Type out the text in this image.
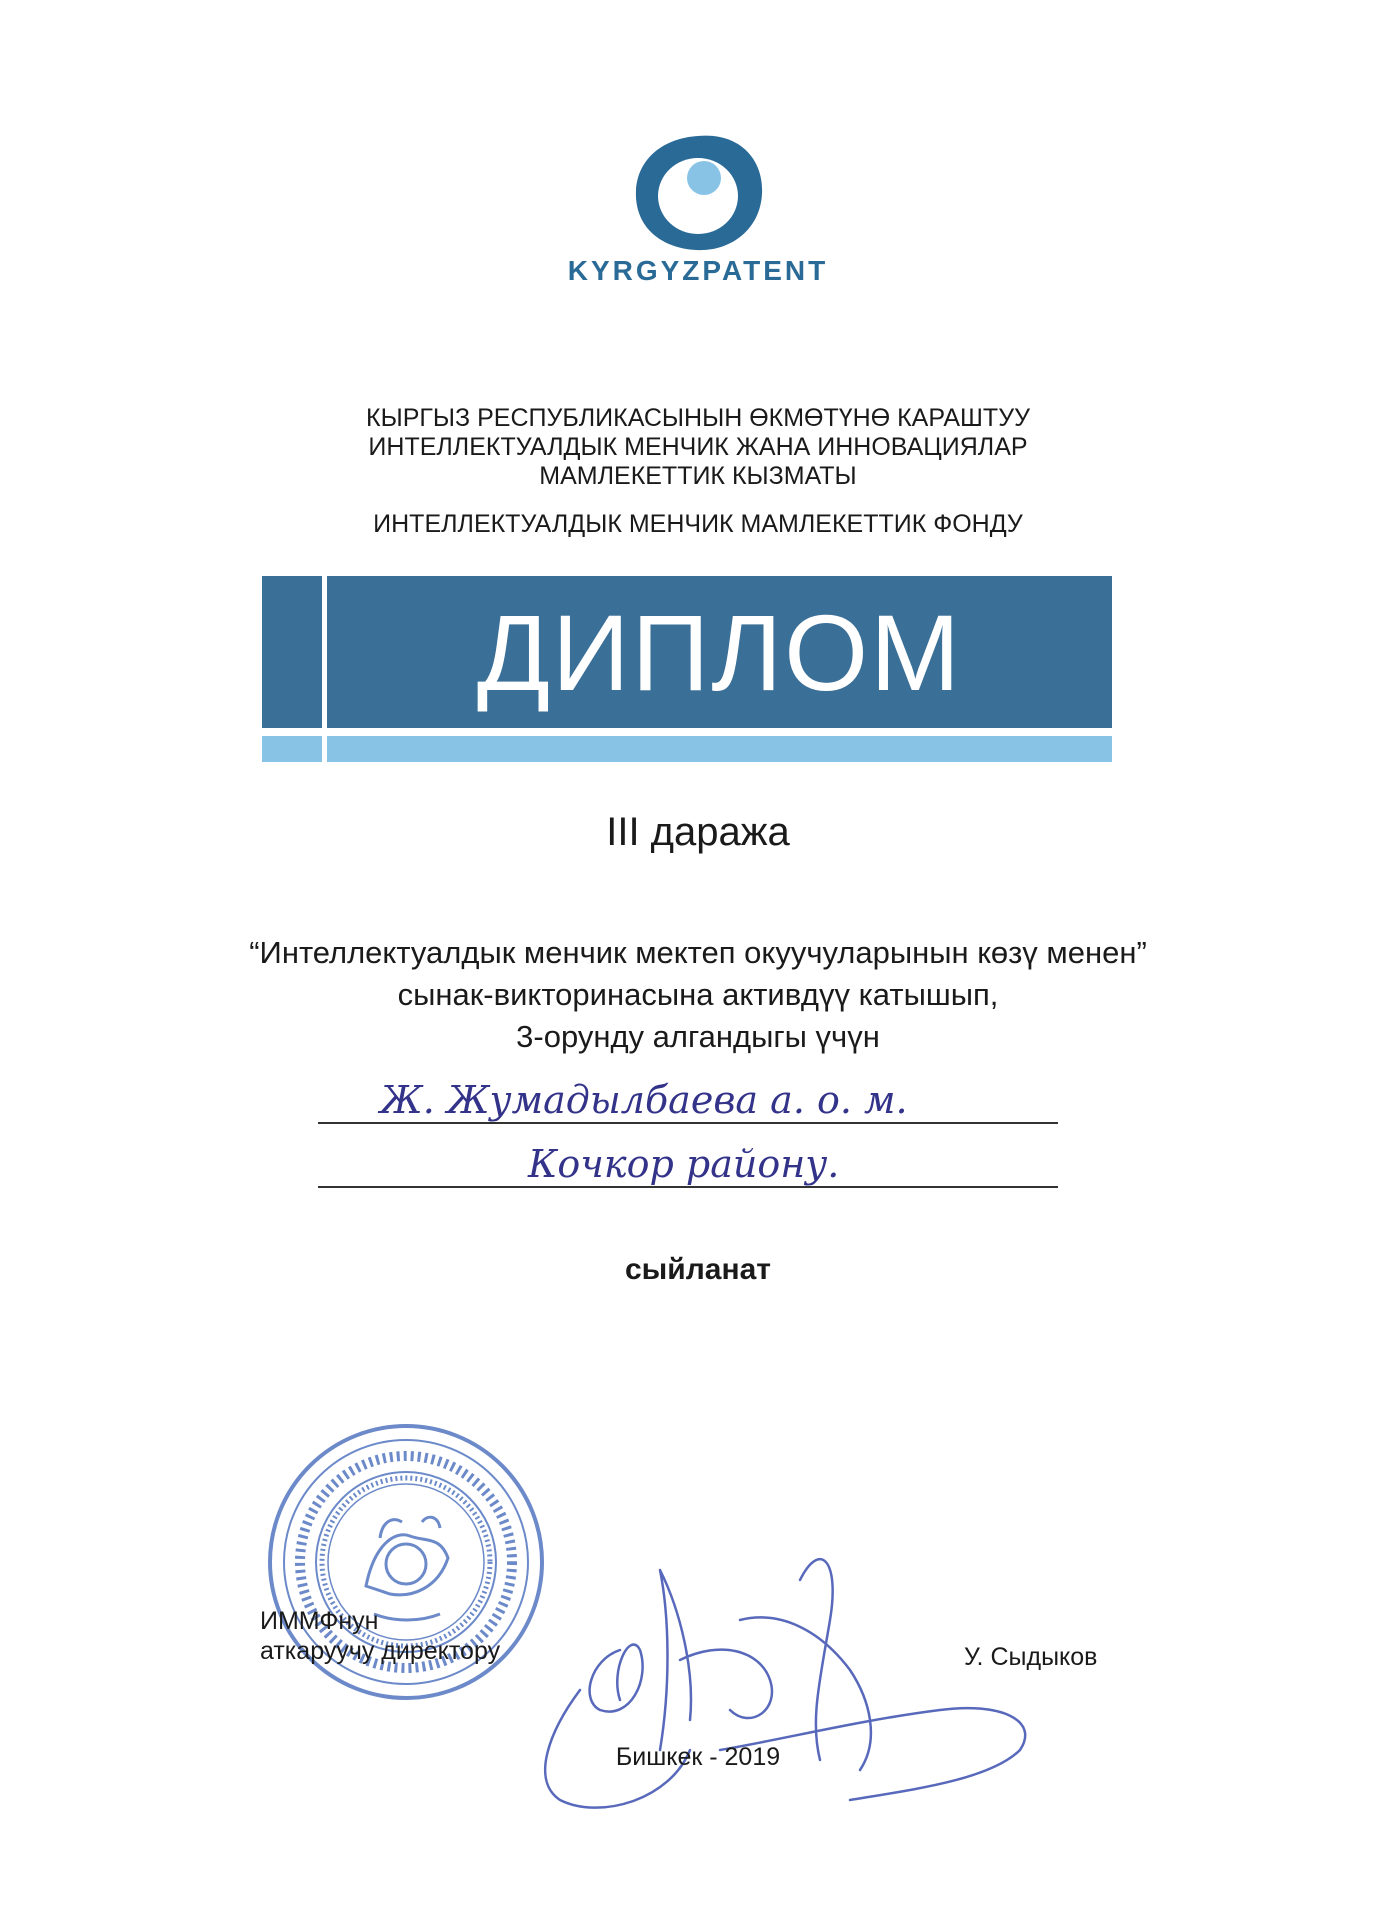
KYRGYZPATENT
КЫРГЫЗ РЕСПУБЛИКАСЫНЫН ӨКМӨТҮНӨ КАРАШТУУ
ИНТЕЛЛЕКТУАЛДЫК МЕНЧИК ЖАНА ИННОВАЦИЯЛАР
МАМЛЕКЕТТИК КЫЗМАТЫ
ИНТЕЛЛЕКТУАЛДЫК МЕНЧИК МАМЛЕКЕТТИК ФОНДУ
ДИПЛОМ
III даража
“Интеллектуалдык менчик мектеп окуучуларынын көзү менен”
сынак-викторинасына активдүү катышып,
3-орунду алгандыгы үчүн
Ж. Жумадылбаева а. о. м.
Кочкор району.
сыйланат
ИММФнун
аткаруучу директору	У. Сыдыков
Бишкек - 2019
